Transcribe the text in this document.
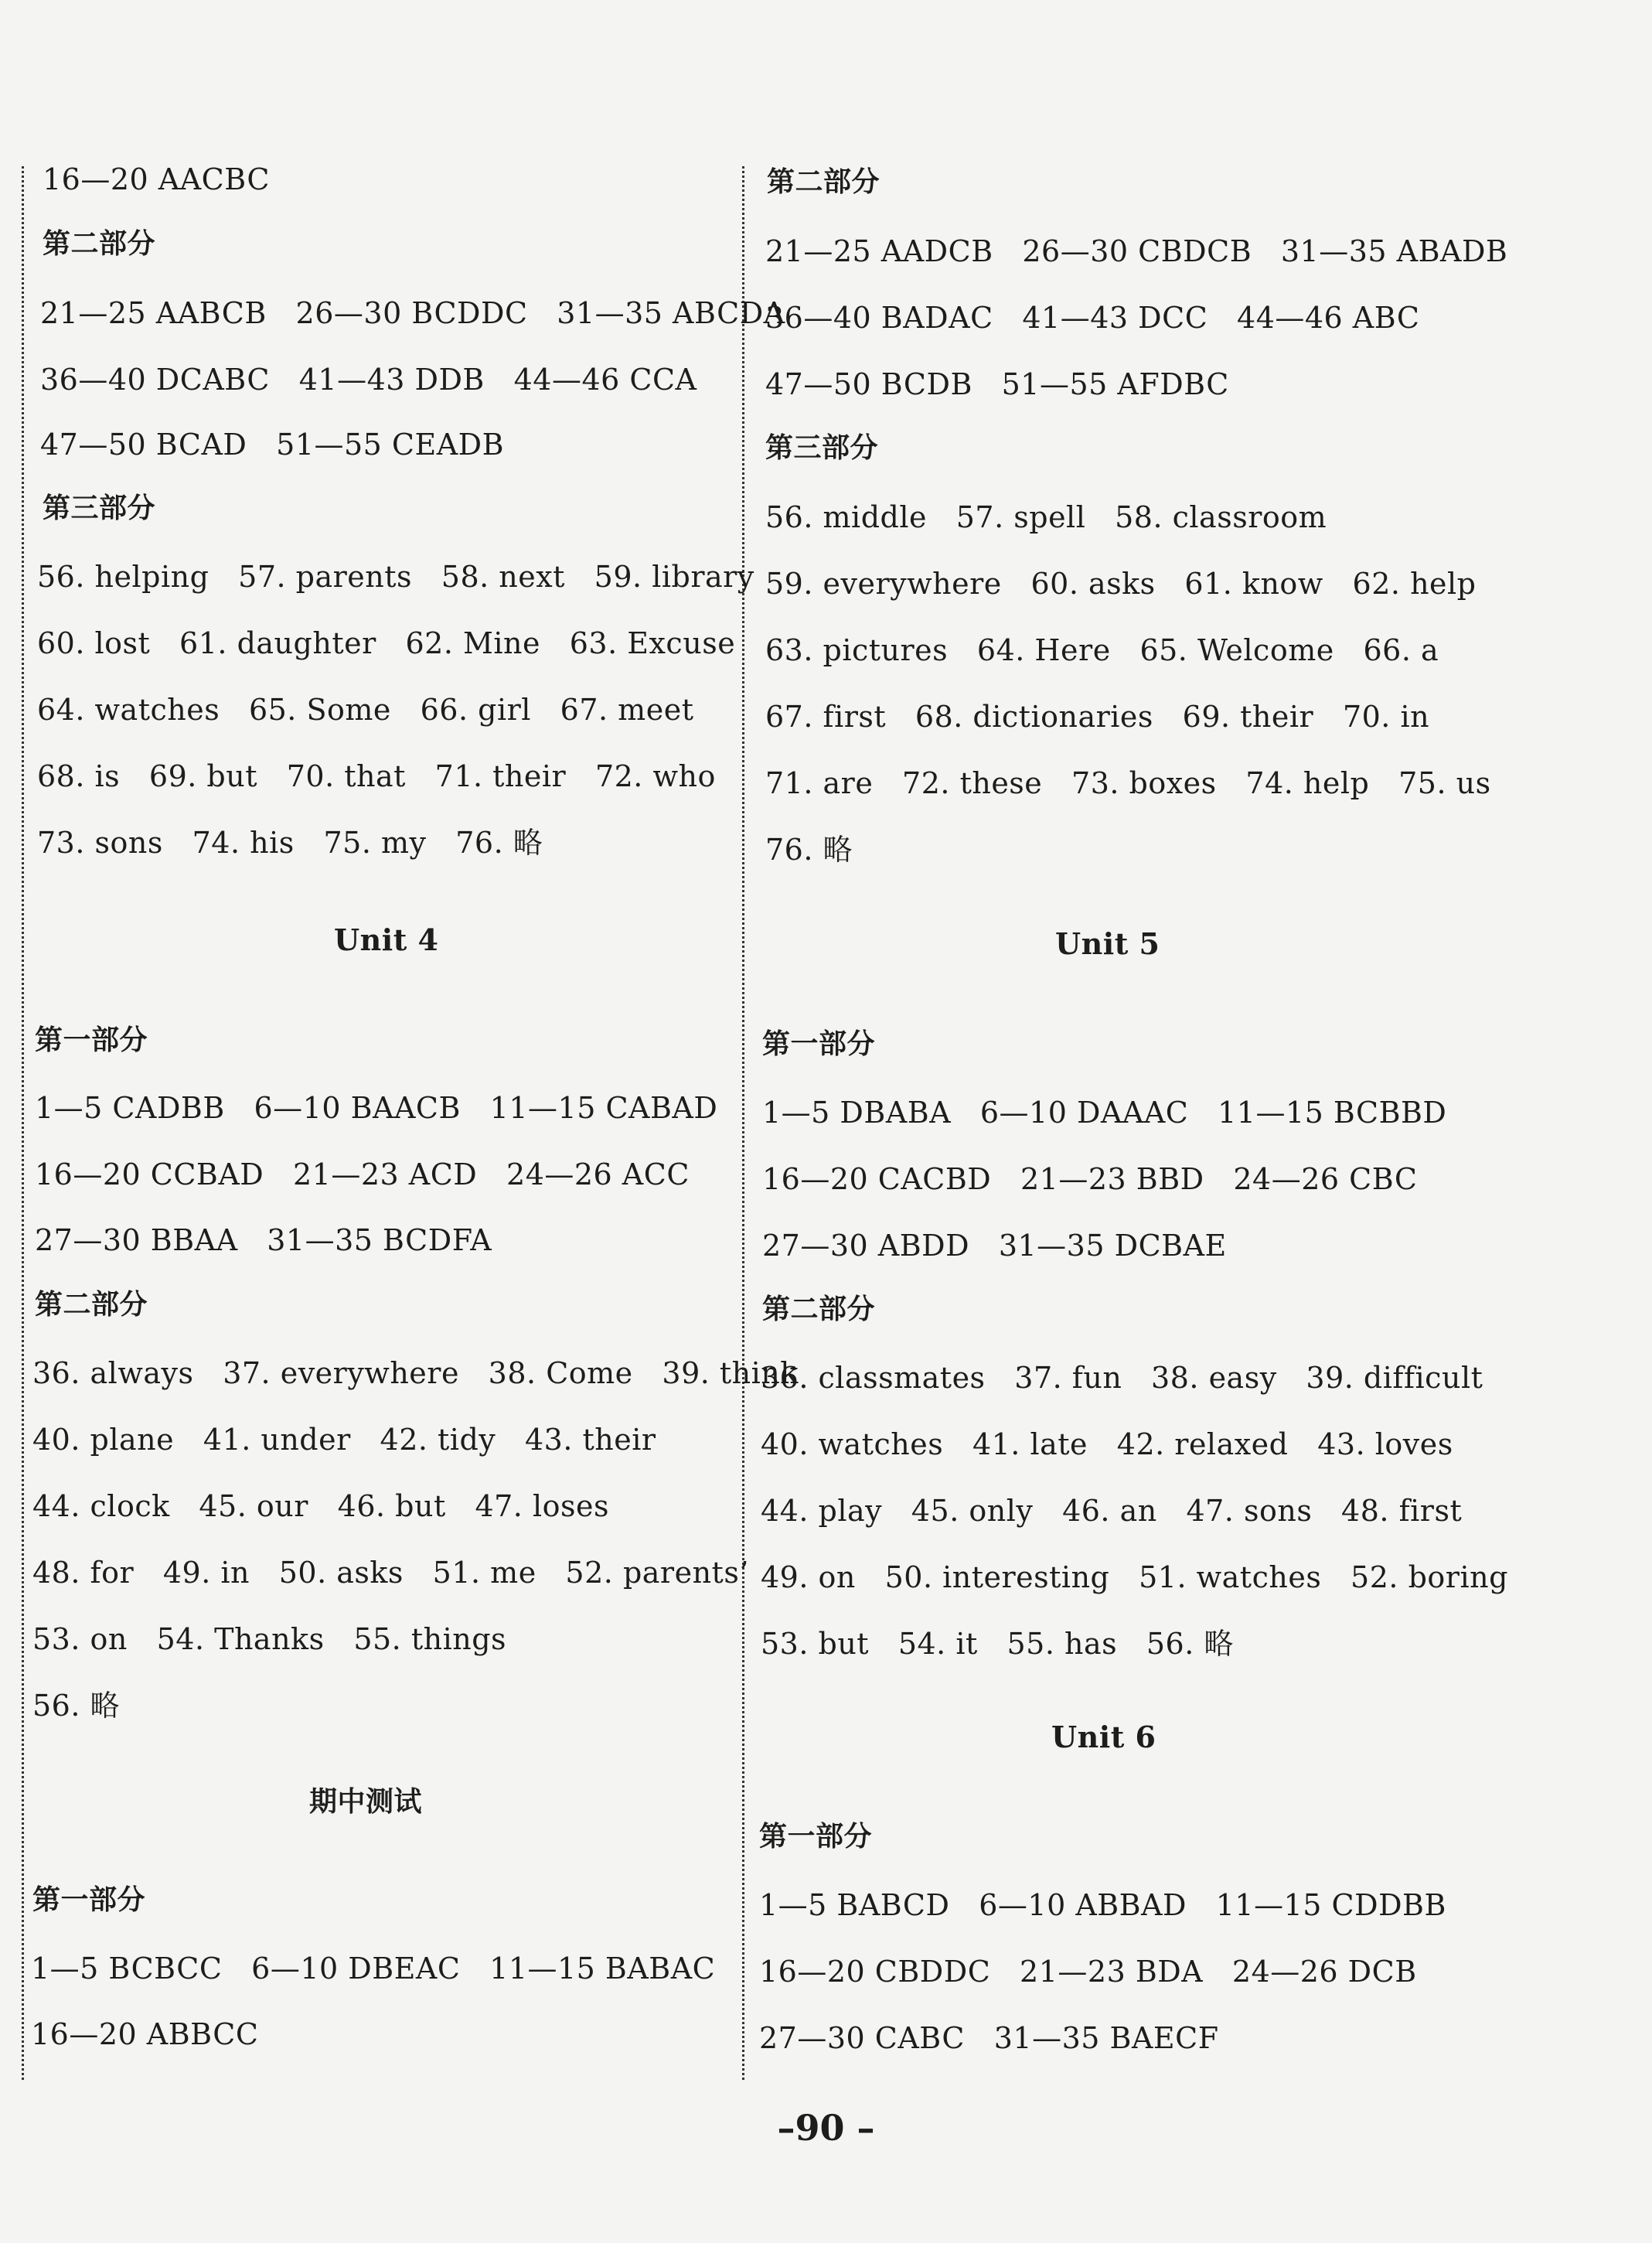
16—20 AACBC
第二部分
21—25 AABCB   26—30 BCDDC   31—35 ABCDA
36—40 DCABC   41—43 DDB   44—46 CCA
47—50 BCAD   51—55 CEADB
第三部分
56. helping   57. parents   58. next   59. library
60. lost   61. daughter   62. Mine   63. Excuse
64. watches   65. Some   66. girl   67. meet
68. is   69. but   70. that   71. their   72. who
73. sons   74. his   75. my   76. 略
Unit 4
第一部分
1—5 CADBB   6—10 BAACB   11—15 CABAD
16—20 CCBAD   21—23 ACD   24—26 ACC
27—30 BBAA   31—35 BCDFA
第二部分
36. always   37. everywhere   38. Come   39. think
40. plane   41. under   42. tidy   43. their
44. clock   45. our   46. but   47. loses
48. for   49. in   50. asks   51. me   52. parents’
53. on   54. Thanks   55. things
56. 略
期中测试
第一部分
1—5 BCBCC   6—10 DBEAC   11—15 BABAC
16—20 ABBCC
第二部分
21—25 AADCB   26—30 CBDCB   31—35 ABADB
36—40 BADAC   41—43 DCC   44—46 ABC
47—50 BCDB   51—55 AFDBC
第三部分
56. middle   57. spell   58. classroom
59. everywhere   60. asks   61. know   62. help
63. pictures   64. Here   65. Welcome   66. a
67. first   68. dictionaries   69. their   70. in
71. are   72. these   73. boxes   74. help   75. us
76. 略
Unit 5
第一部分
1—5 DBABA   6—10 DAAAC   11—15 BCBBD
16—20 CACBD   21—23 BBD   24—26 CBC
27—30 ABDD   31—35 DCBAE
第二部分
36. classmates   37. fun   38. easy   39. difficult
40. watches   41. late   42. relaxed   43. loves
44. play   45. only   46. an   47. sons   48. first
49. on   50. interesting   51. watches   52. boring
53. but   54. it   55. has   56. 略
Unit 6
第一部分
1—5 BABCD   6—10 ABBAD   11—15 CDDBB
16—20 CBDDC   21—23 BDA   24—26 DCB
27—30 CABC   31—35 BAECF
–90 –
